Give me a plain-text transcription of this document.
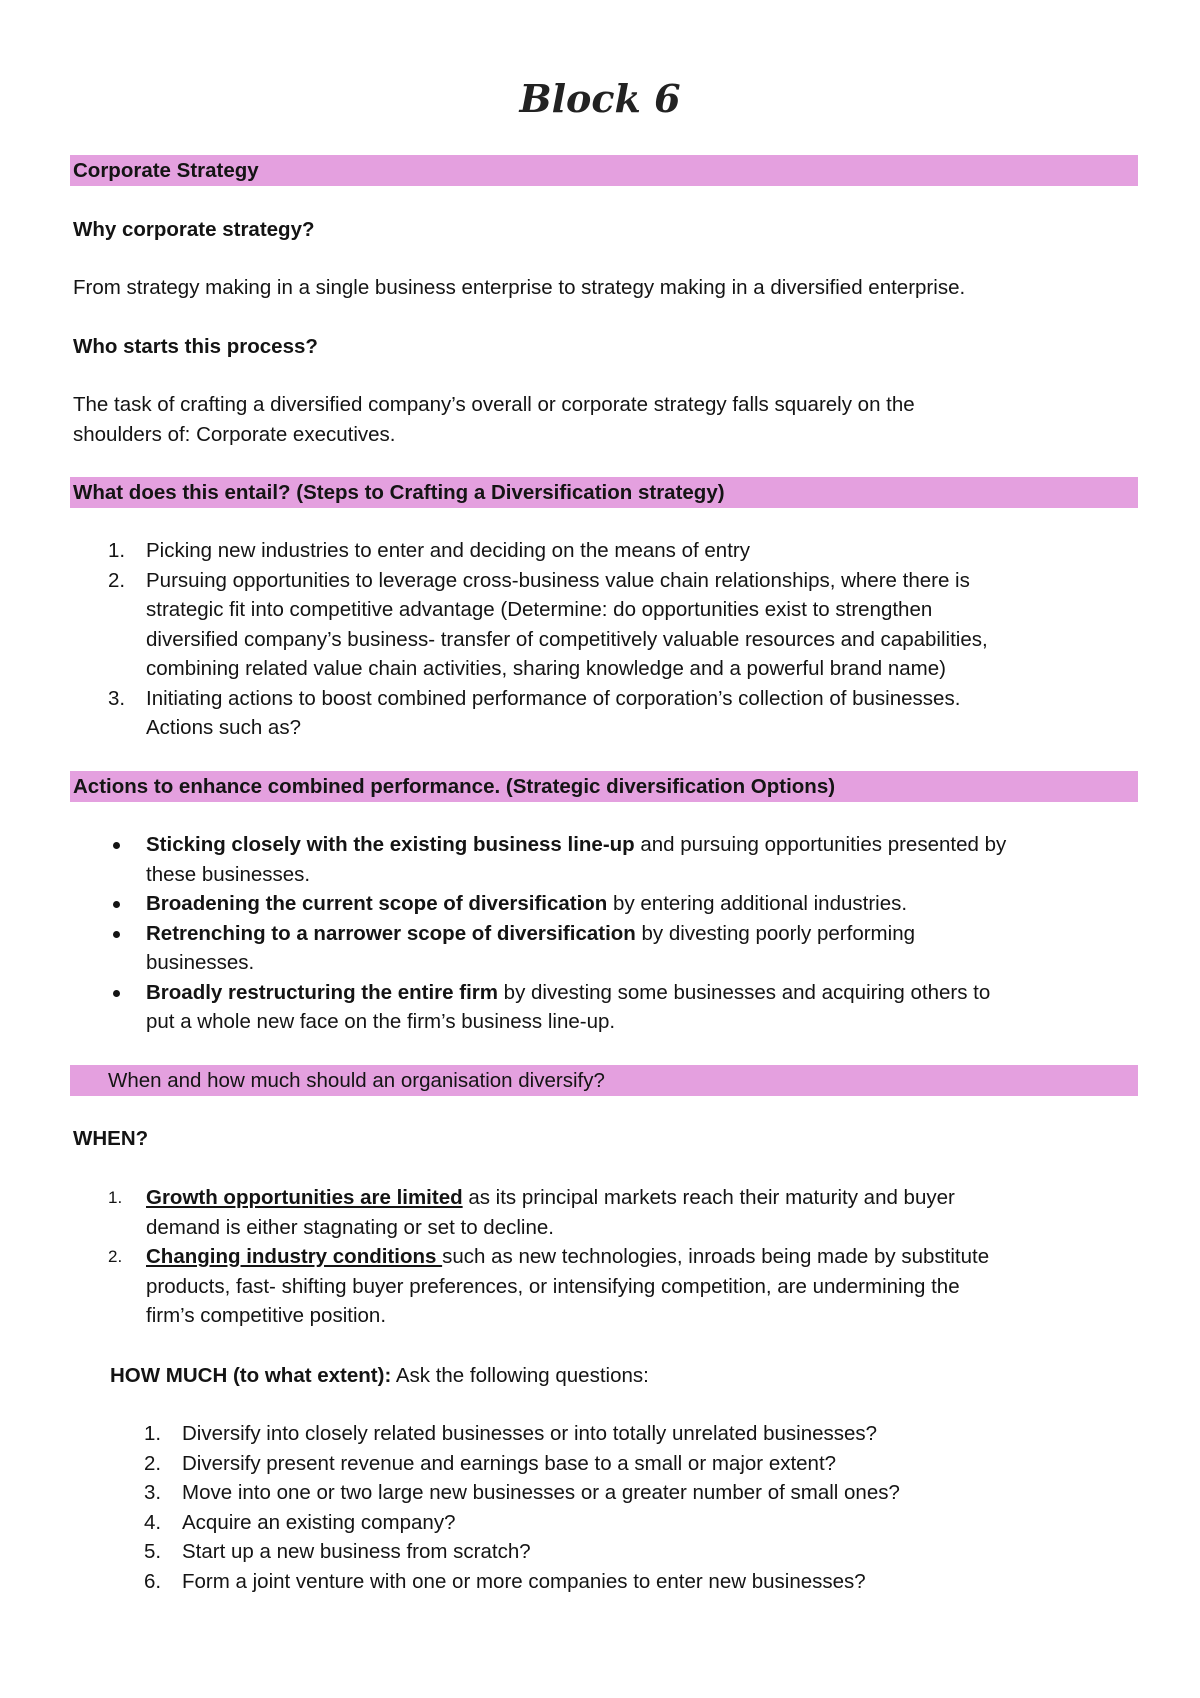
Block 6
Corporate Strategy
Why corporate strategy?
From strategy making in a single business enterprise to strategy making in a diversified enterprise.
Who starts this process?
The task of crafting a diversified company’s overall or corporate strategy falls squarely on the
shoulders of: Corporate executives.
What does this entail? (Steps to Crafting a Diversification strategy)
1.	Picking new industries to enter and deciding on the means of entry
2.	Pursuing opportunities to leverage cross-business value chain relationships, where there is
strategic fit into competitive advantage (Determine: do opportunities exist to strengthen
diversified company’s business- transfer of competitively valuable resources and capabilities,
combining related value chain activities, sharing knowledge and a powerful brand name)
3.	Initiating actions to boost combined performance of corporation’s collection of businesses.
Actions such as?
Actions to enhance combined performance. (Strategic diversification Options)
Sticking closely with the existing business line-up and pursuing opportunities presented by
these businesses.
Broadening the current scope of diversification by entering additional industries.
Retrenching to a narrower scope of diversification by divesting poorly performing
businesses.
Broadly restructuring the entire firm by divesting some businesses and acquiring others to
put a whole new face on the firm’s business line-up.
When and how much should an organisation diversify?
WHEN?
1.	Growth opportunities are limited as its principal markets reach their maturity and buyer
demand is either stagnating or set to decline.
2.	Changing industry conditions such as new technologies, inroads being made by substitute
products, fast- shifting buyer preferences, or intensifying competition, are undermining the
firm’s competitive position.
HOW MUCH (to what extent): Ask the following questions:
1.	Diversify into closely related businesses or into totally unrelated businesses?
2.	Diversify present revenue and earnings base to a small or major extent?
3.	Move into one or two large new businesses or a greater number of small ones?
4.	Acquire an existing company?
5.	Start up a new business from scratch?
6.	Form a joint venture with one or more companies to enter new businesses?
